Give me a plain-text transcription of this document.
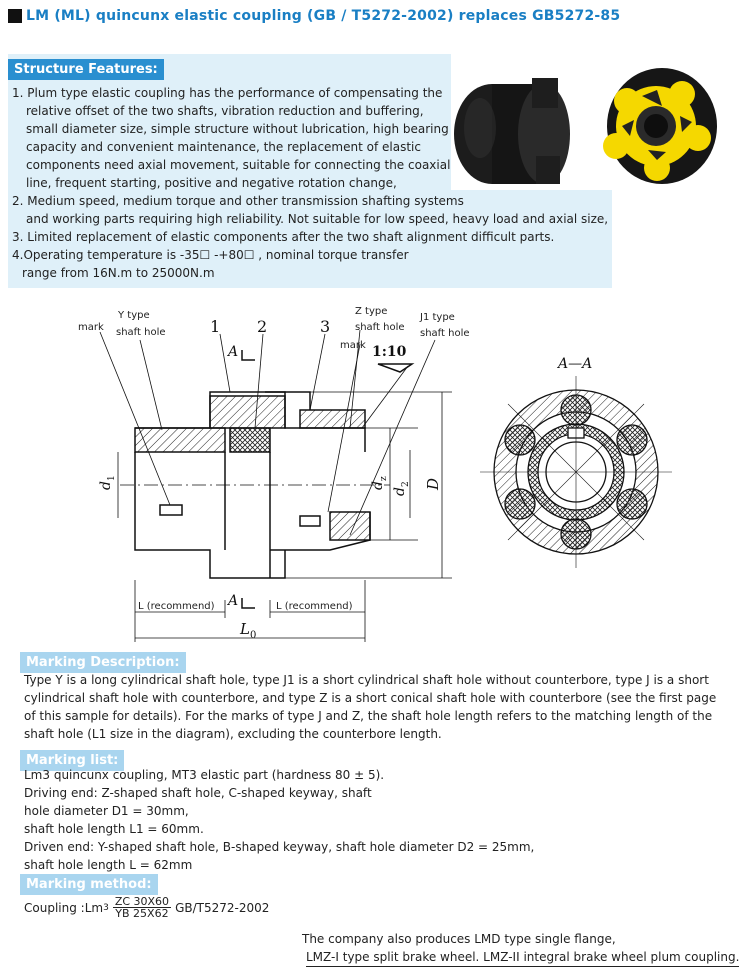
LM (ML) quincunx elastic coupling (GB / T5272-2002) replaces GB5272-85
Structure Features:

1. Plum type elastic coupling has the performance of compensating the

relative offset of the two shafts, vibration reduction and buffering,

small diameter size, simple structure without lubrication, high bearing

capacity and convenient maintenance, the replacement of elastic

components need axial movement, suitable for connecting the coaxial

line, frequent starting, positive and negative rotation change,

2. Medium speed, medium torque and other transmission shafting systems

and working parts requiring high reliability. Not suitable for low speed, heavy load and axial size,

3. Limited replacement of elastic components after the two shaft alignment difficult parts.

4.Operating temperature is -35☐ -+80☐ , nominal torque transfer

range from 16N.m to 25000N.m

mark
Y type
shaft hole	1 2	3
A
Z type
shaft hole
J1 type
shaft hole
mark 1:10
d
1
d
z
d
2 D
L (recommend)	L (recommend)
A
L 0
A—A
Marking Description:

Type Y is a long cylindrical shaft hole, type J1 is a short cylindrical shaft hole without counterbore, type J is a short

cylindrical shaft hole with counterbore, and type Z is a short conical shaft hole with counterbore (see the first page

of this sample for details). For the marks of type J and Z, the shaft hole length refers to the matching length of the

shaft hole (L1 size in the diagram), excluding the counterbore length.

Marking list:

Lm3 quincunx coupling, MT3 elastic part (hardness 80 ± 5).

Driving end: Z-shaped shaft hole, C-shaped keyway, shaft

hole diameter D1 = 30mm,

shaft hole length L1 = 60mm.

Driven end: Y-shaped shaft hole, B-shaped keyway, shaft hole diameter D2 = 25mm,

shaft hole length L = 62mm

Marking method:
Coupling :Lm $3 \frac{ZC 30X60}{YB 25X62} GB/T5272-2002$

The company also produces LMD type single flange,

LMZ-I type split brake wheel. LMZ-II integral brake wheel plum coupling.
